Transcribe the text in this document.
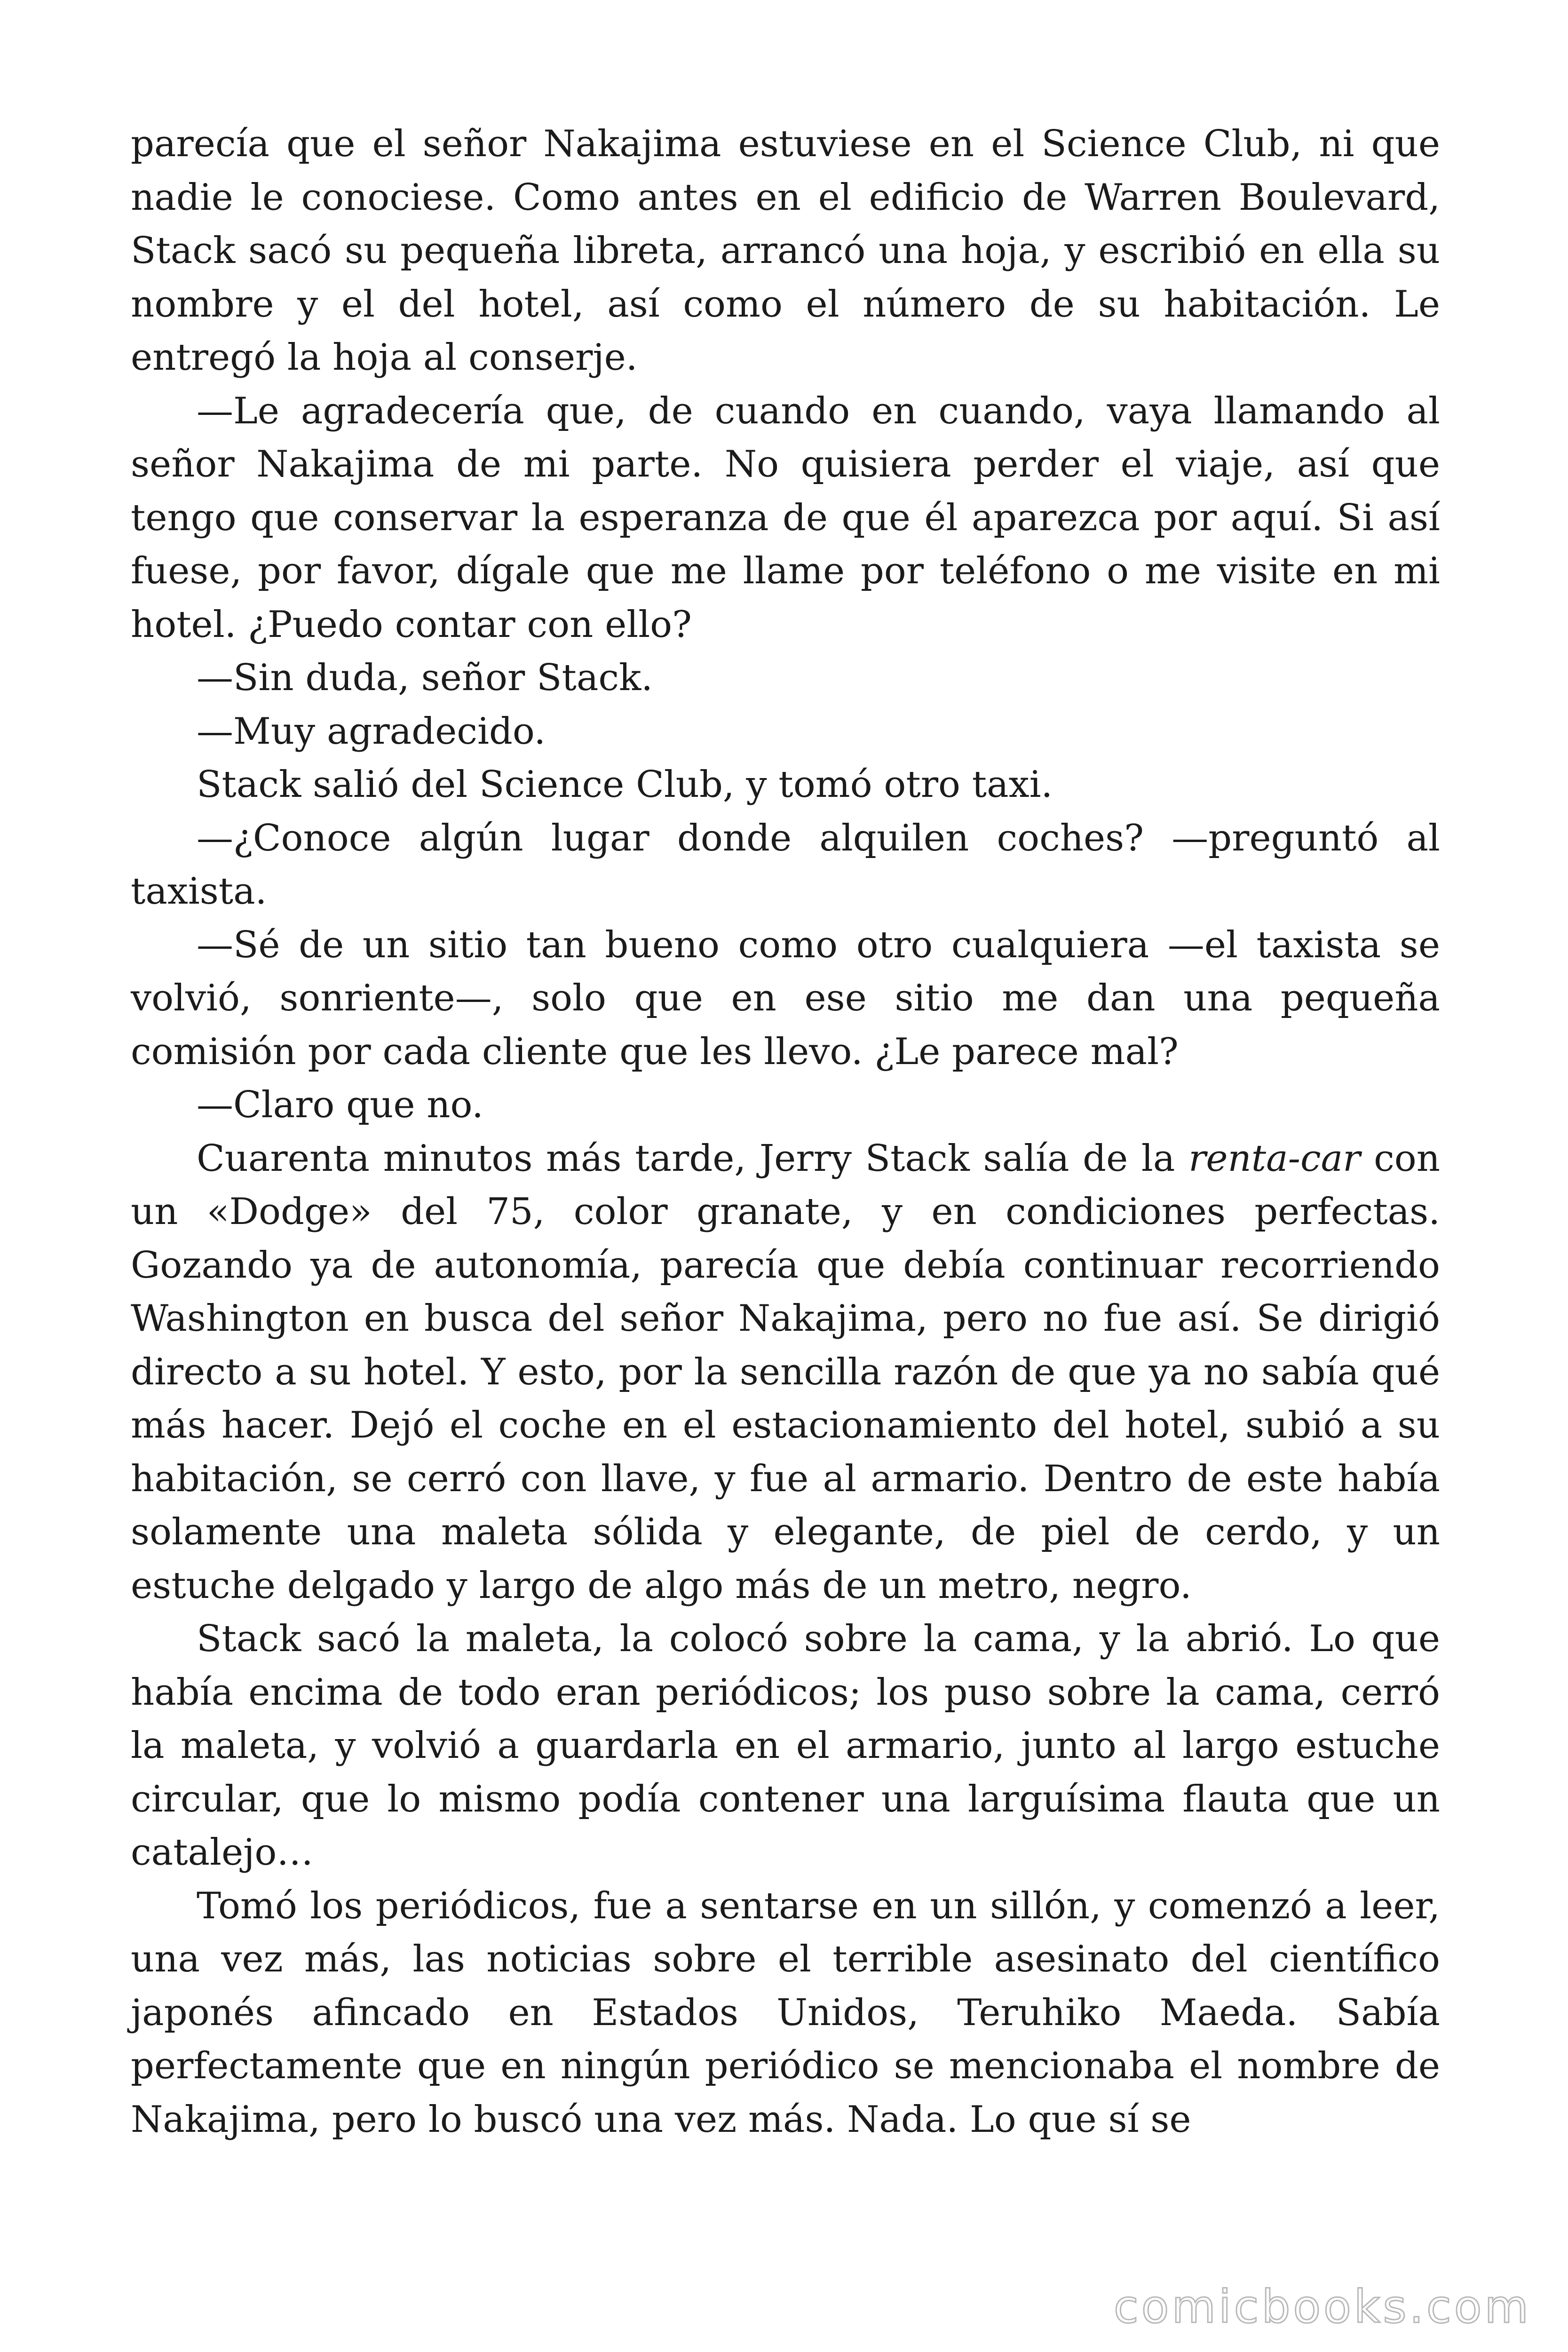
parecía que el señor Nakajima estuviese en el Science Club, ni que nadie le conociese. Como antes en el edificio de Warren Boulevard, Stack sacó su pequeña libreta, arrancó una hoja, y escribió en ella su nombre y el del hotel, así como el número de su habitación. Le entregó la hoja al conserje.

—Le agradecería que, de cuando en cuando, vaya llamando al señor Nakajima de mi parte. No quisiera perder el viaje, así que tengo que conservar la esperanza de que él aparezca por aquí. Si así fuese, por favor, dígale que me llame por teléfono o me visite en mi hotel. ¿Puedo contar con ello?

—Sin duda, señor Stack.

—Muy agradecido.

Stack salió del Science Club, y tomó otro taxi.

—¿Conoce algún lugar donde alquilen coches? —preguntó al taxista.

—Sé de un sitio tan bueno como otro cualquiera —el taxista se volvió, sonriente—, solo que en ese sitio me dan una pequeña comisión por cada cliente que les llevo. ¿Le parece mal?

—Claro que no.

Cuarenta minutos más tarde, Jerry Stack salía de la renta-car con un «Dodge» del 75, color granate, y en condiciones perfectas. Gozando ya de autonomía, parecía que debía continuar recorriendo Washington en busca del señor Nakajima, pero no fue así. Se dirigió directo a su hotel. Y esto, por la sencilla razón de que ya no sabía qué más hacer. Dejó el coche en el estacionamiento del hotel, subió a su habitación, se cerró con llave, y fue al armario. Dentro de este había solamente una maleta sólida y elegante, de piel de cerdo, y un estuche delgado y largo de algo más de un metro, negro.

Stack sacó la maleta, la colocó sobre la cama, y la abrió. Lo que había encima de todo eran periódicos; los puso sobre la cama, cerró la maleta, y volvió a guardarla en el armario, junto al largo estuche circular, que lo mismo podía contener una larguísima flauta que un catalejo…

Tomó los periódicos, fue a sentarse en un sillón, y comenzó a leer, una vez más, las noticias sobre el terrible asesinato del científico japonés afincado en Estados Unidos, Teruhiko Maeda. Sabía perfectamente que en ningún periódico se mencionaba el nombre de Nakajima, pero lo buscó una vez más. Nada. Lo que sí se

comicbooks.com
